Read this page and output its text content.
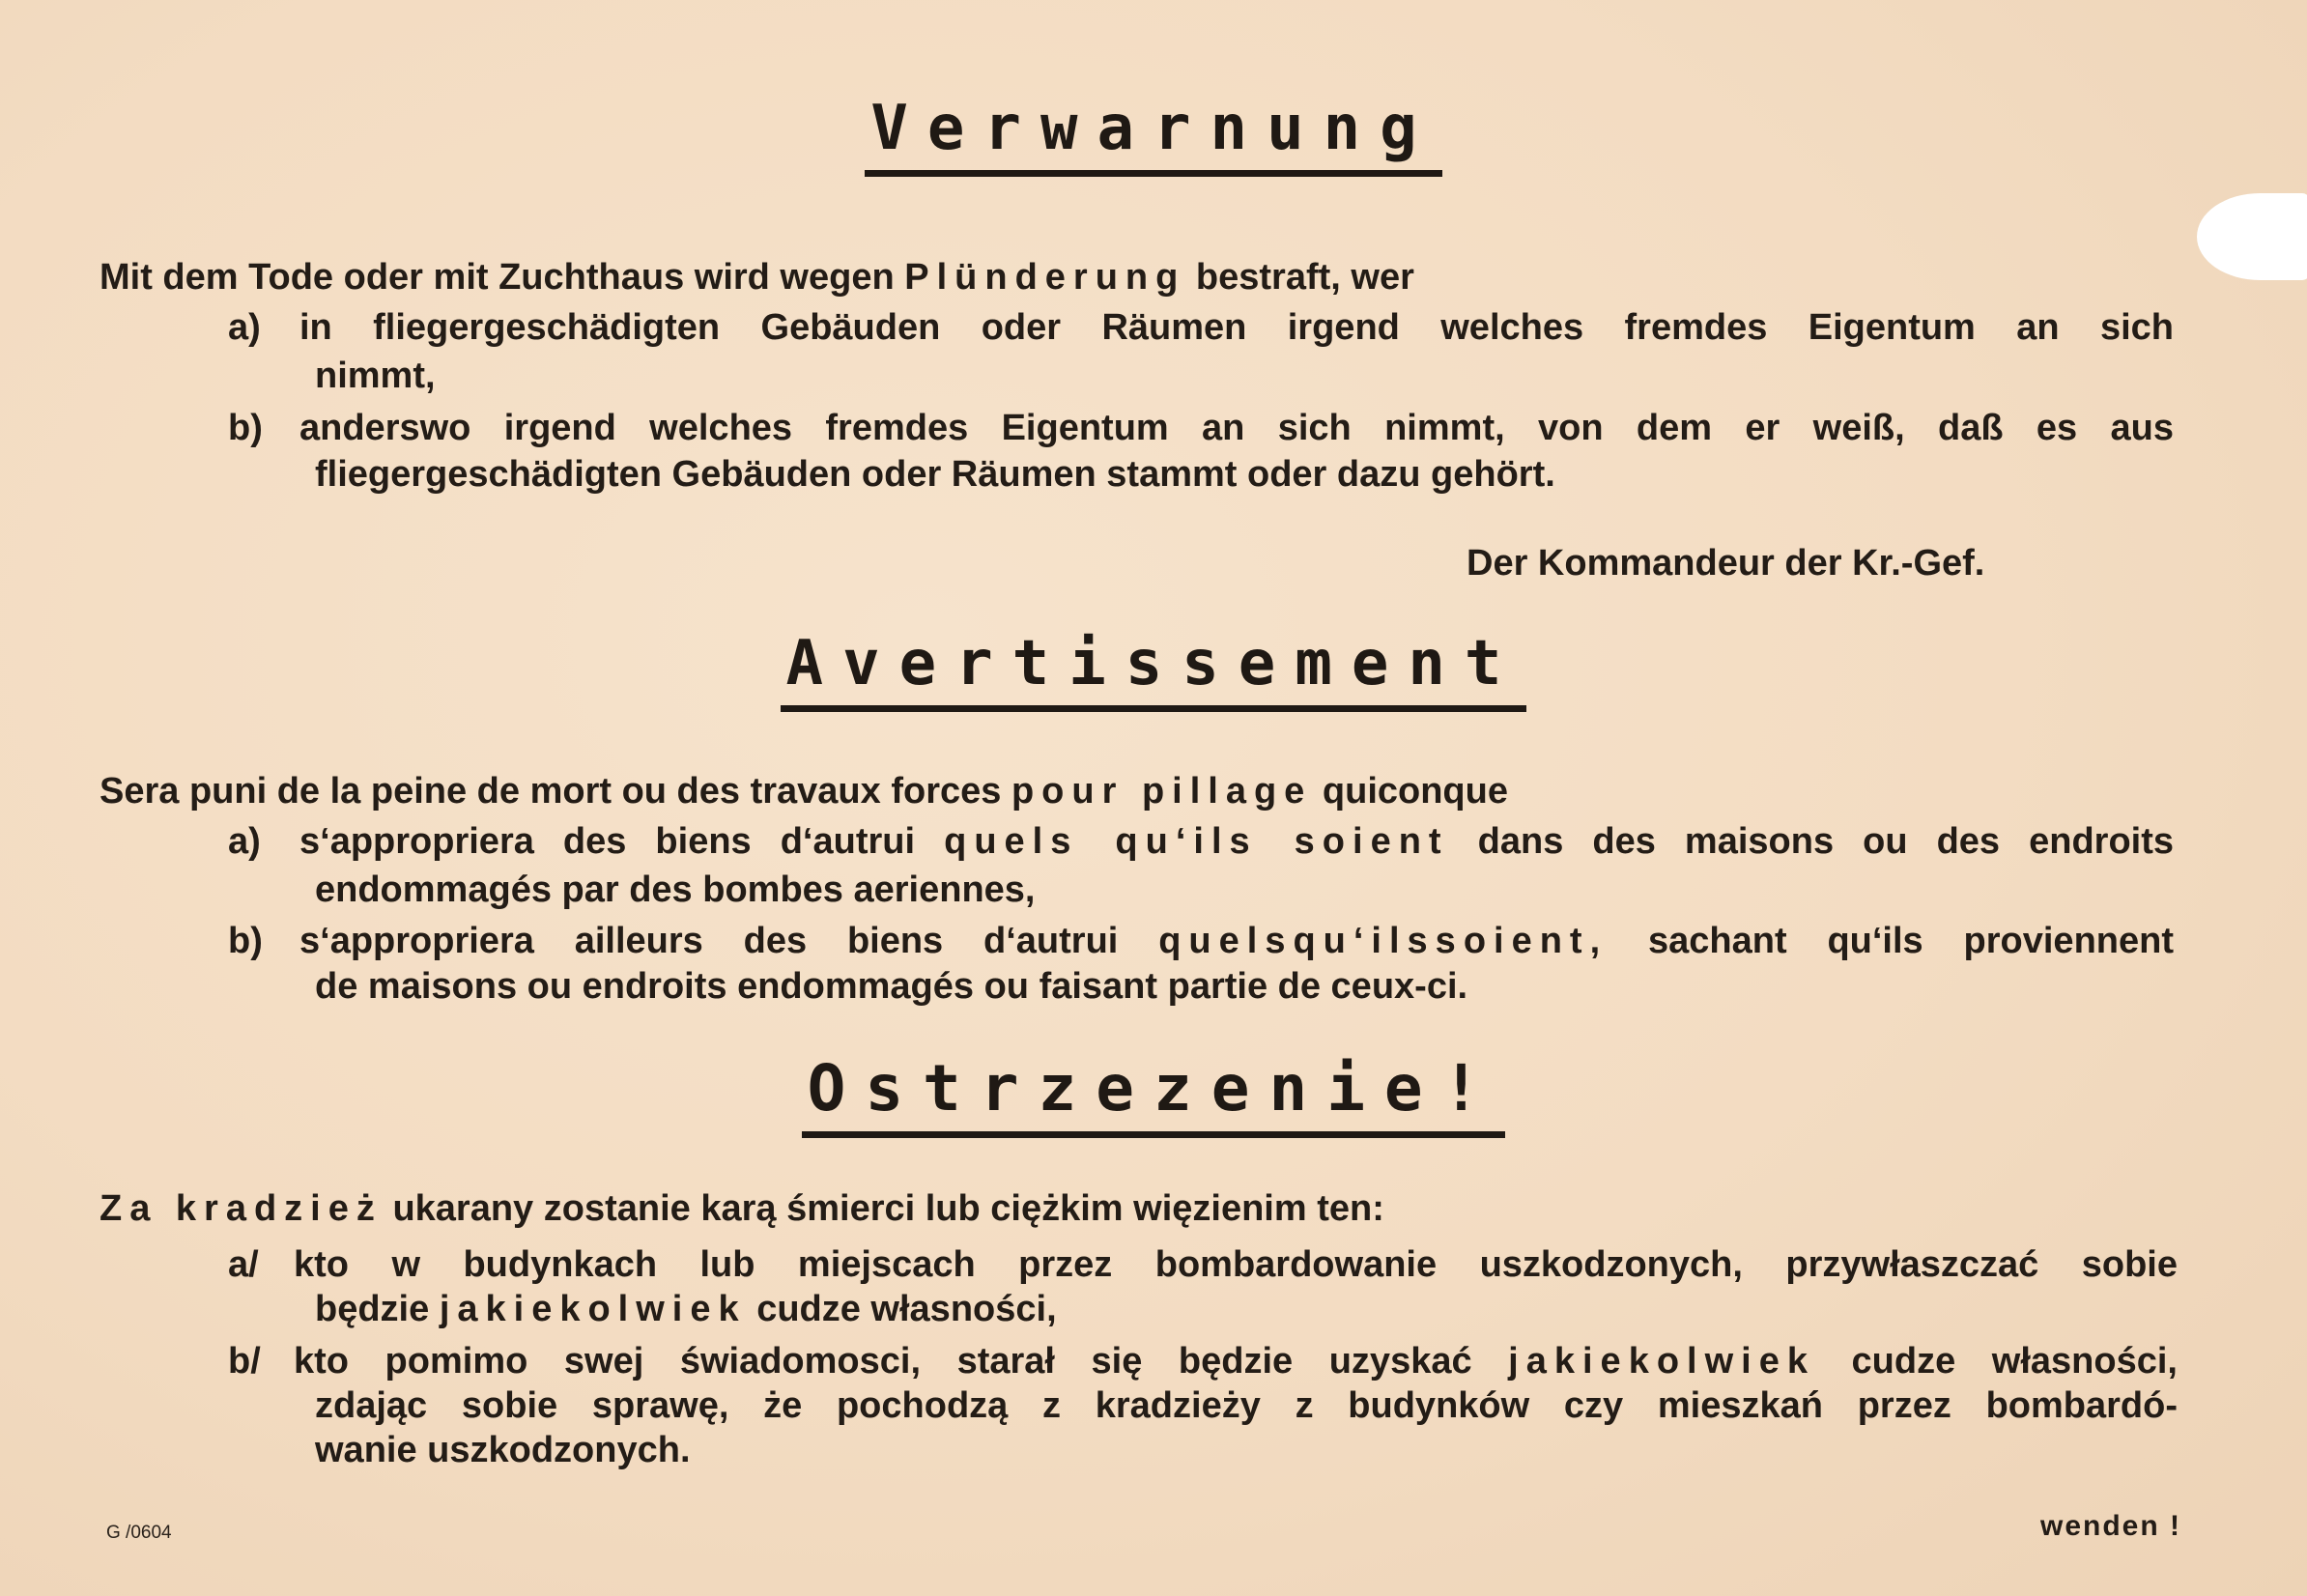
Verwarnung
Mit dem Tode oder mit Zuchthaus wird wegen Plünderung bestraft, wer
a) in fliegergeschädigten Gebäuden oder Räumen irgend welches fremdes Eigentum an sich
nimmt,
b) anderswo irgend welches fremdes Eigentum an sich nimmt, von dem er weiß, daß es aus
fliegergeschädigten Gebäuden oder Räumen stammt oder dazu gehört.
Der Kommandeur der Kr.-Gef.
Avertissement
Sera puni de la peine de mort ou des travaux forces pour pillage quiconque
a) s‘appropriera des biens d‘autrui quels qu‘ils soient dans des maisons ou des endroits
endommagés par des bombes aeriennes,
b) s‘appropriera ailleurs des biens d‘autrui quelsqu‘ilssoient, sachant qu‘ils proviennent
de maisons ou endroits endommagés ou faisant partie de ceux-ci.
Ostrzezenie!
Za kradzież ukarany zostanie karą śmierci lub ciężkim więzienim ten:
a/ kto w budynkach lub miejscach przez bombardowanie uszkodzonych, przywłaszczać sobie
będzie jakiekolwiek cudze własności,
b/ kto pomimo swej świadomosci, starał się będzie uzyskać jakiekolwiek cudze własności,
zdając sobie sprawę, że pochodzą z kradzieży z budynków czy mieszkań przez bombardó-
wanie uszkodzonych.
G /0604	wenden !
